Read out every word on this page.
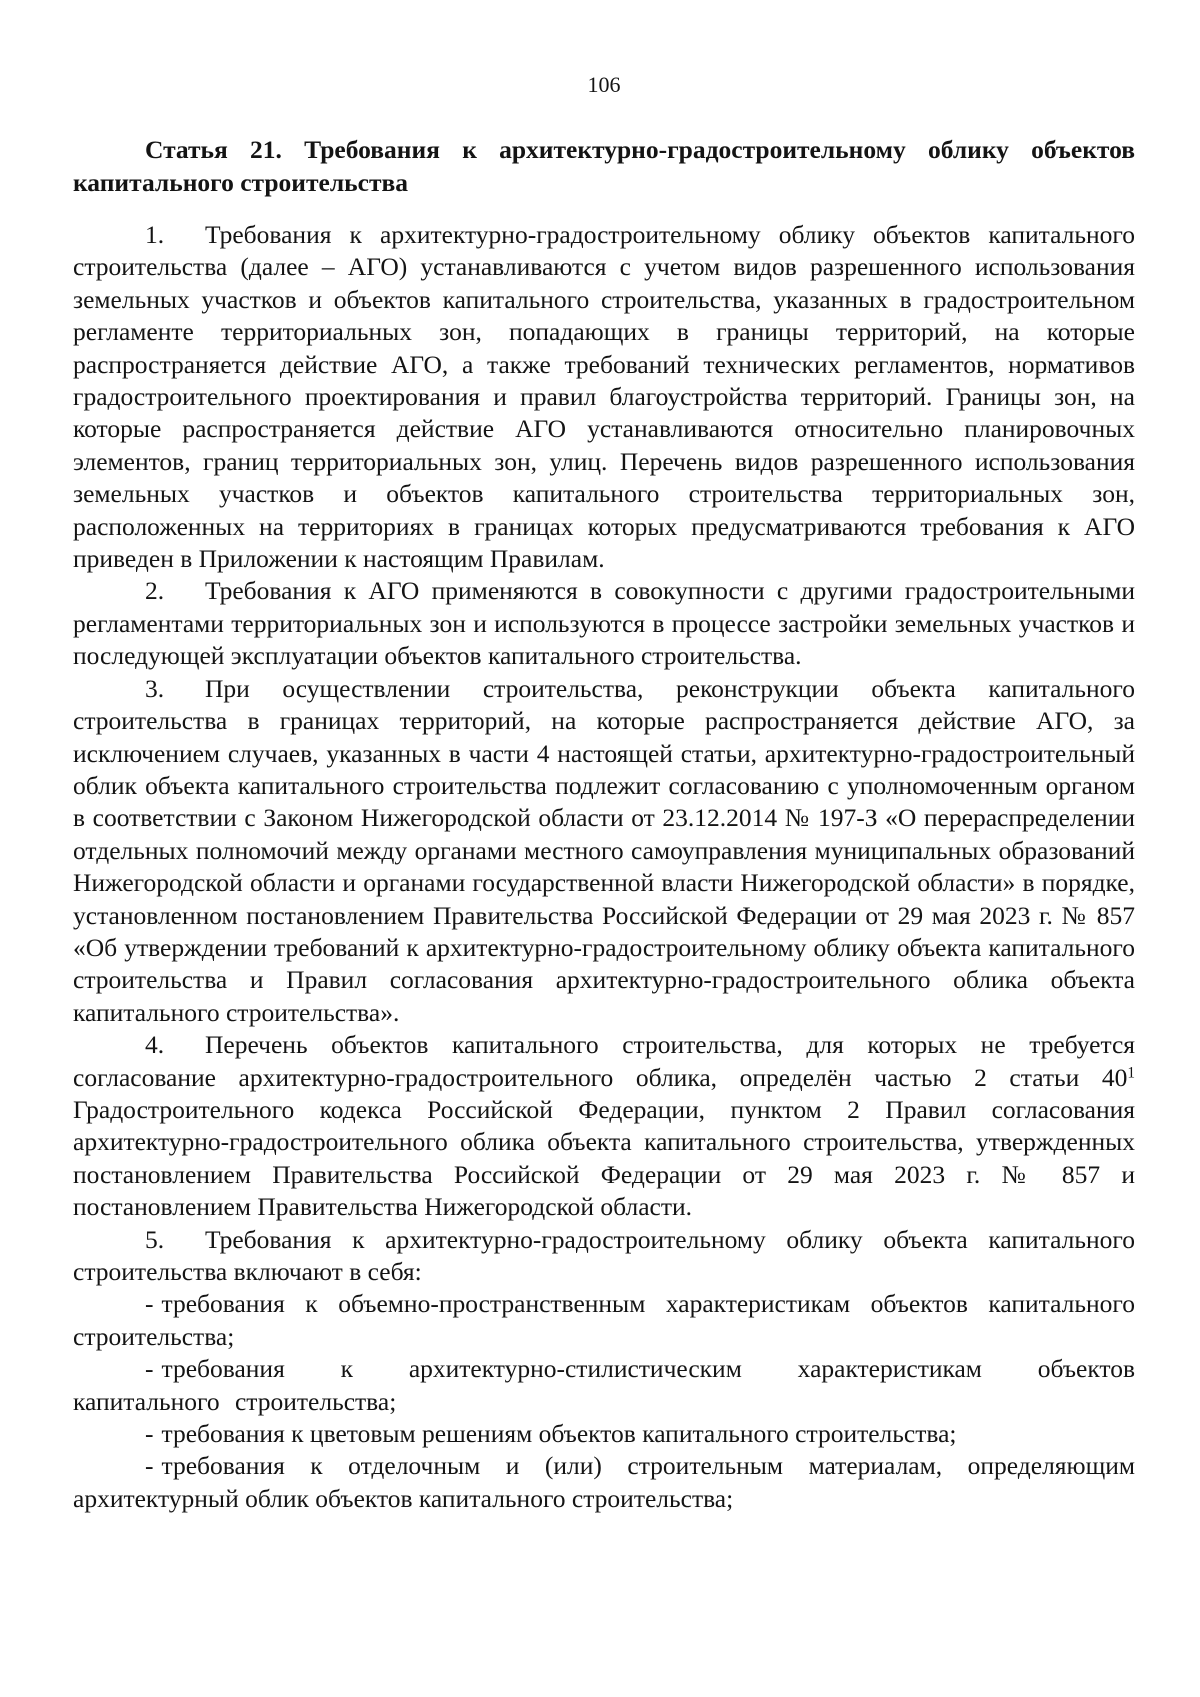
106
Статья 21. Требования к архитектурно-градостроительному облику объектов капитального строительства

1. Требования к архитектурно-градостроительному облику объектов капитального строительства (далее – АГО) устанавливаются с учетом видов разрешенного использования земельных участков и объектов капитального строительства, указанных в градостроительном регламенте территориальных зон, попадающих в границы территорий, на которые распространяется действие АГО, а также требований технических регламентов, нормативов градостроительного проектирования и правил благоустройства территорий. Границы зон, на которые распространяется действие АГО устанавливаются относительно планировочных элементов, границ территориальных зон, улиц. Перечень видов разрешенного использования земельных участков и объектов капитального строительства территориальных зон, расположенных на территориях в границах которых предусматриваются требования к АГО приведен в Приложении к настоящим Правилам.

2. Требования к АГО применяются в совокупности с другими градостроительными регламентами территориальных зон и используются в процессе застройки земельных участков и последующей эксплуатации объектов капитального строительства.

3. При осуществлении строительства, реконструкции объекта капитального строительства в границах территорий, на которые распространяется действие АГО, за исключением случаев, указанных в части 4 настоящей статьи, архитектурно-градостроительный облик объекта капитального строительства подлежит согласованию с уполномоченным органом в соответствии с Законом Нижегородской области от 23.12.2014 № 197-З «О перераспределении отдельных полномочий между органами местного самоуправления муниципальных образований Нижегородской области и органами государственной власти Нижегородской области» в порядке, установленном постановлением Правительства Российской Федерации от 29 мая 2023 г. № 857 «Об утверждении требований к архитектурно-градостроительному облику объекта капитального строительства и Правил согласования архитектурно-градостроительного облика объекта капитального строительства».

4. Перечень объектов капитального строительства, для которых не требуется согласование архитектурно-градостроительного облика, определён частью 2 статьи $40^1$ Градостроительного кодекса Российской Федерации, пунктом 2 Правил согласования архитектурно-градостроительного облика объекта капитального строительства, утвержденных постановлением Правительства Российской Федерации от 29 мая 2023 г. № 857 и постановлением Правительства Нижегородской области.

5. Требования к архитектурно-градостроительному облику объекта капитального строительства включают в себя:

- требования к объемно-пространственным характеристикам объектов капитального строительства;

- требования к архитектурно-стилистическим характеристикам объектов капитального строительства;

- требования к цветовым решениям объектов капитального строительства;

- требования к отделочным и (или) строительным материалам, определяющим архитектурный облик объектов капитального строительства;
